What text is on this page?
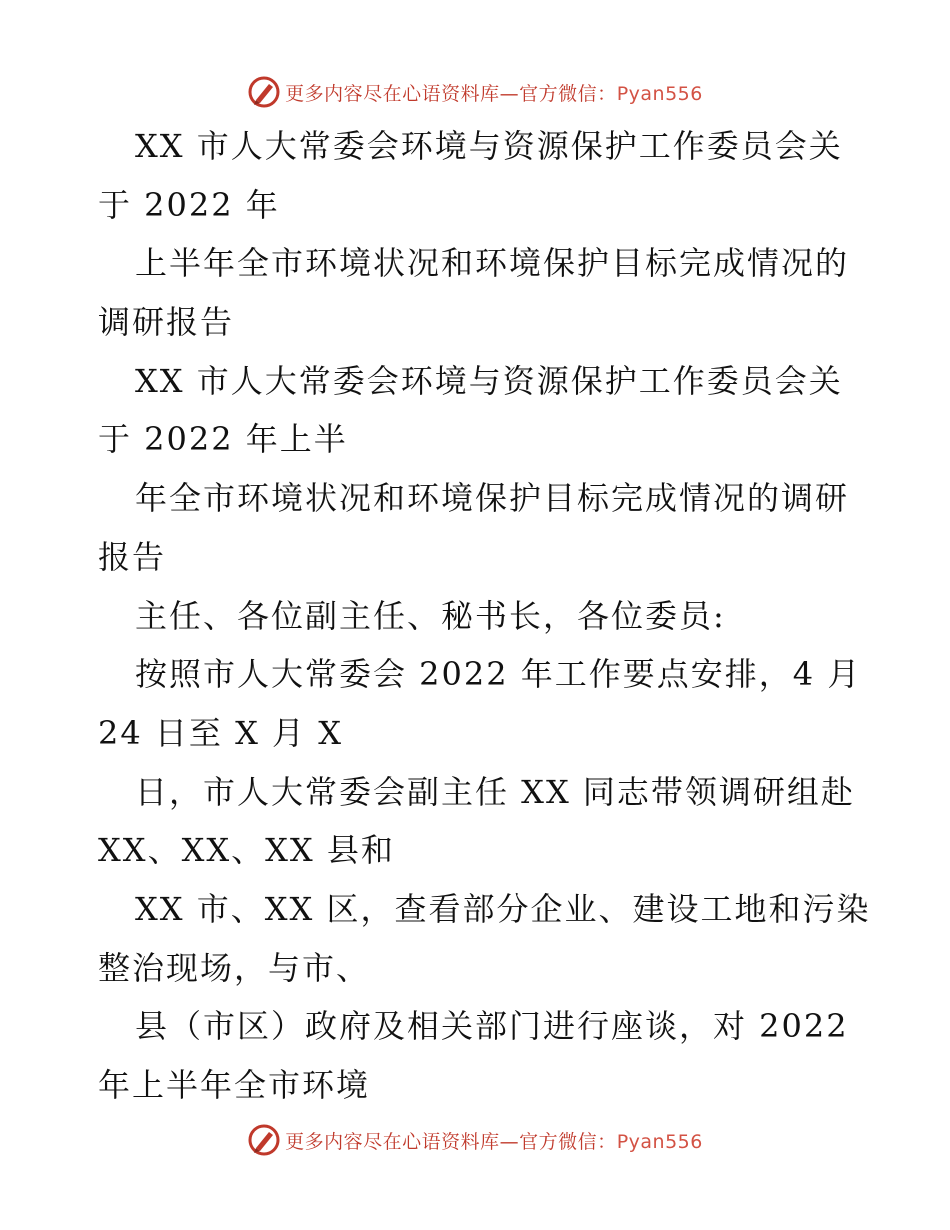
更多内容尽在心语资料库—官方微信：Pyan556
XX 市人大常委会环境与资源保护工作委员会关
于 2022 年
上半年全市环境状况和环境保护目标完成情况的
调研报告
XX 市人大常委会环境与资源保护工作委员会关
于 2022 年上半
年全市环境状况和环境保护目标完成情况的调研
报告
主任、各位副主任、秘书长，各位委员:
按照市人大常委会 2022 年工作要点安排，4 月
24 日至 X 月 X
日，市人大常委会副主任 XX 同志带领调研组赴
XX、XX、XX 县和
XX 市、XX 区，查看部分企业、建设工地和污染
整治现场，与市、
县（市区）政府及相关部门进行座谈，对 2022
年上半年全市环境
更多内容尽在心语资料库—官方微信：Pyan556
